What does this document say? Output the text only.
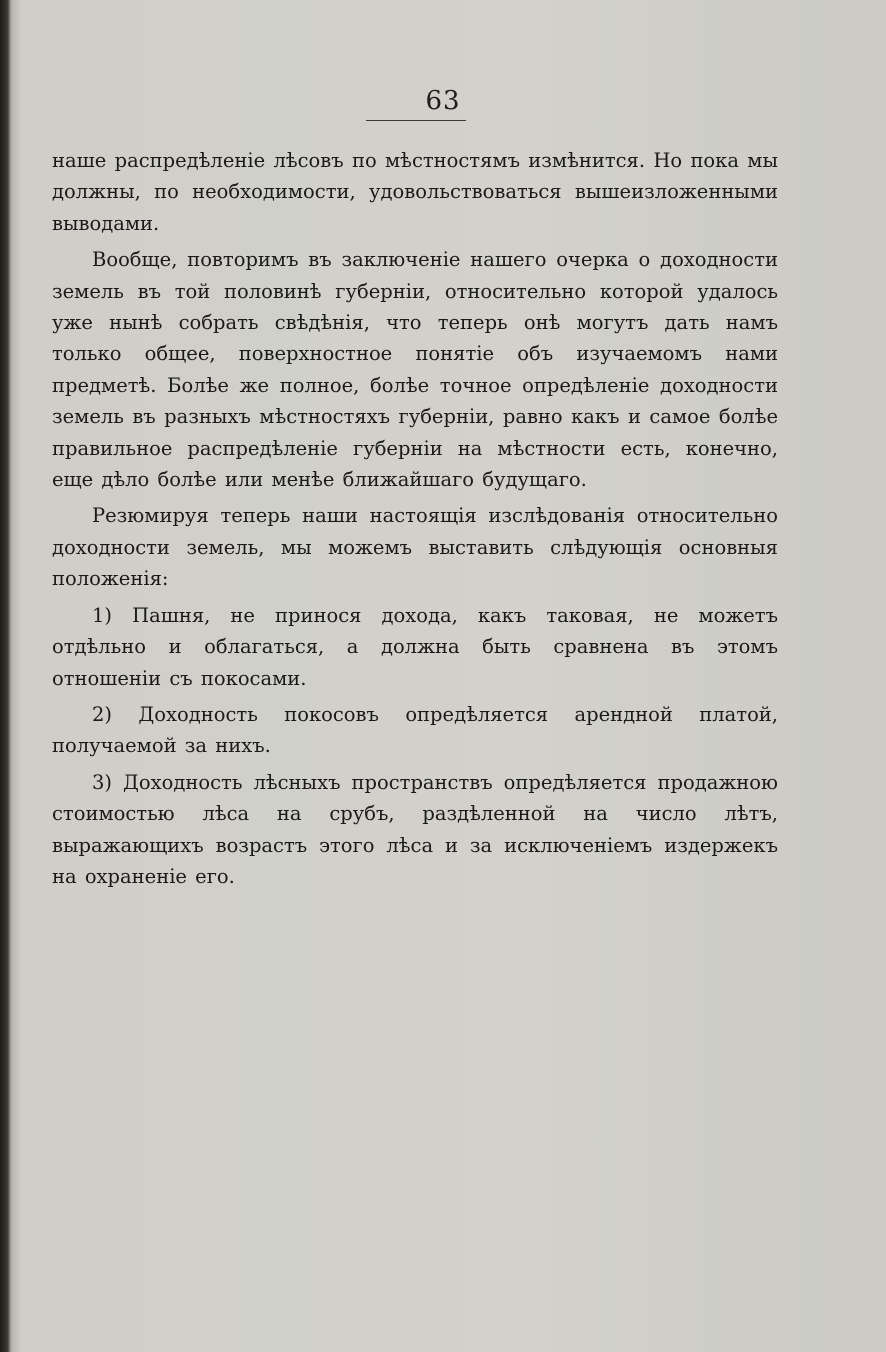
63

наше распредѣленіе лѣсовъ по мѣстностямъ измѣнится. Но пока мы должны, по необходимости, удовольствоваться вышеизложенными выводами.

Вообще, повторимъ въ заключеніе нашего очерка о доходности земель въ той половинѣ губерніи, относительно которой удалось уже нынѣ собрать свѣдѣнія, что теперь онѣ могутъ дать намъ только общее, поверхностное понятіе объ изучаемомъ нами предметѣ. Болѣе же полное, болѣе точное опредѣленіе доходности земель въ разныхъ мѣстностяхъ губерніи, равно какъ и самое болѣе правильное распредѣленіе губерніи на мѣстности есть, конечно, еще дѣло болѣе или менѣе ближайшаго будущаго.

Резюмируя теперь наши настоящія изслѣдованія относительно доходности земель, мы можемъ выставить слѣдующія основныя положенія:

1) Пашня, не принося дохода, какъ таковая, не можетъ отдѣльно и облагаться, а должна быть сравнена въ этомъ отношеніи съ покосами.

2) Доходность покосовъ опредѣляется арендной платой, получаемой за нихъ.

3) Доходность лѣсныхъ пространствъ опредѣляется продажною стоимостью лѣса на срубъ, раздѣленной на число лѣтъ, выражающихъ возрастъ этого лѣса и за исключеніемъ издержекъ на охраненіе его.
